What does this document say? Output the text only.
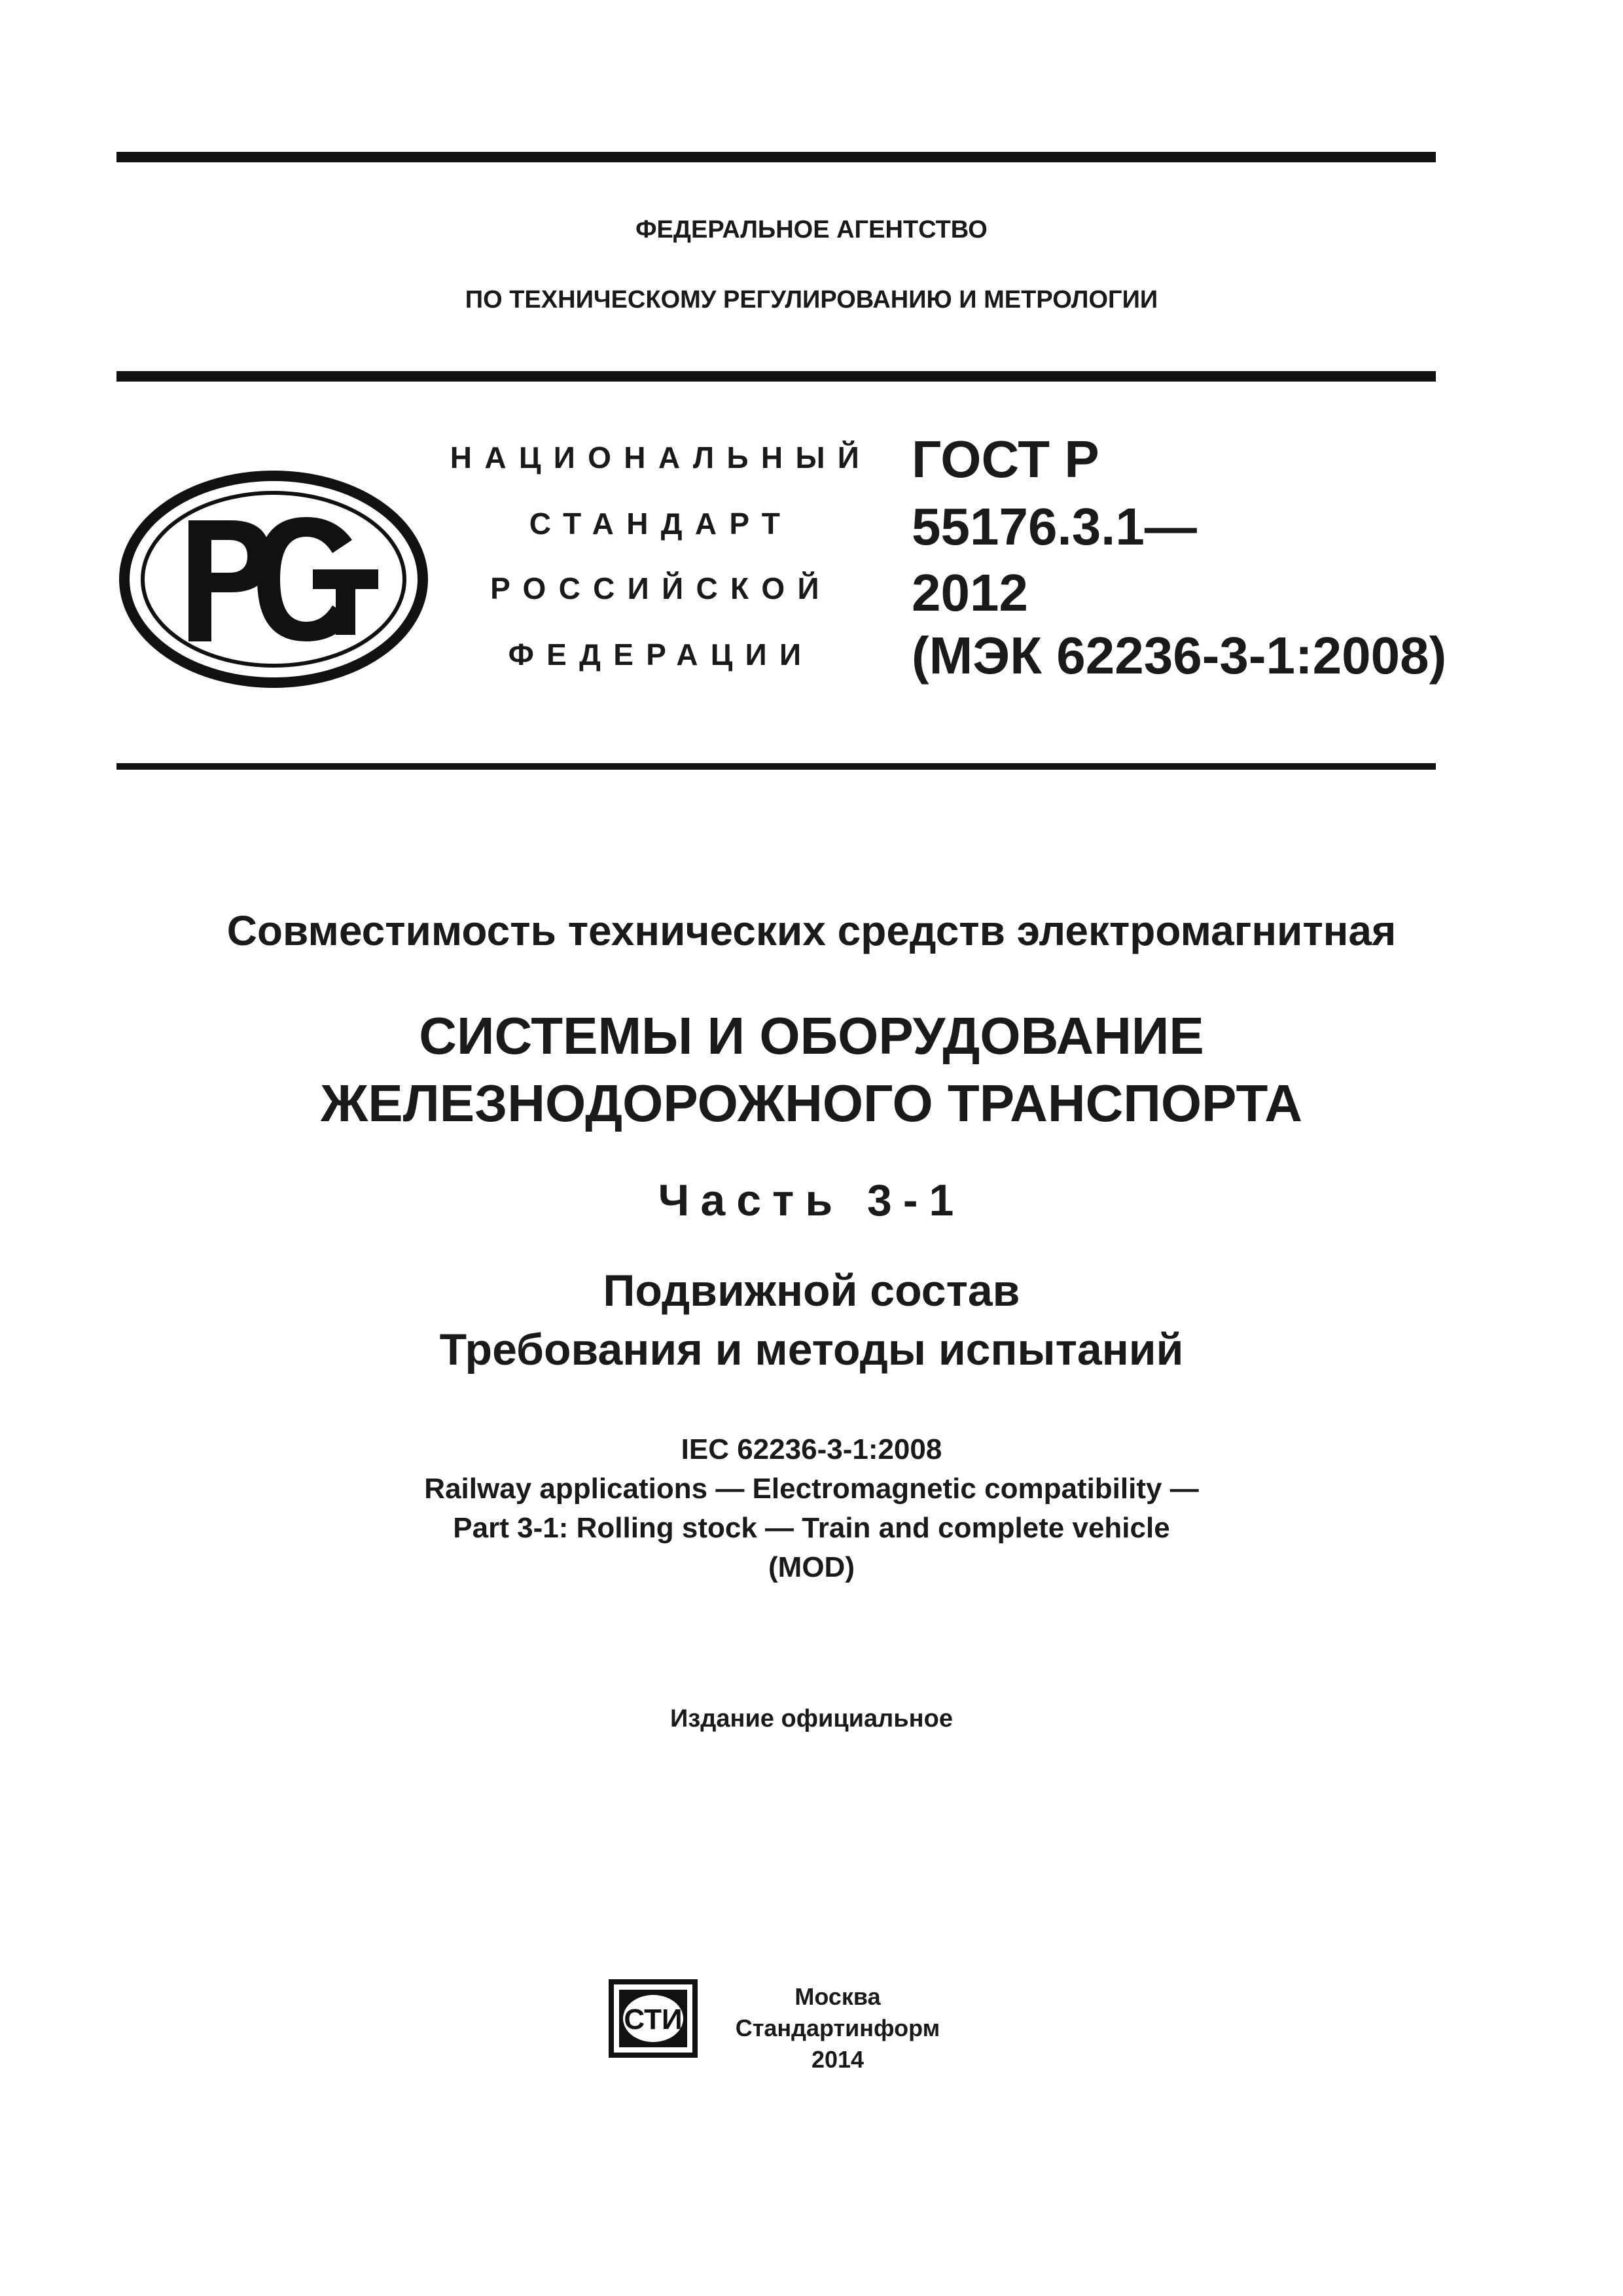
ФЕДЕРАЛЬНОЕ АГЕНТСТВО
ПО ТЕХНИЧЕСКОМУ РЕГУЛИРОВАНИЮ И МЕТРОЛОГИИ
НАЦИОНАЛЬНЫЙ
СТАНДАРТ
РОССИЙСКОЙ
ФЕДЕРАЦИИ
ГОСТ Р
55176.3.1—
2012
(МЭК 62236-3-1:2008)
Совместимость технических средств электромагнитная
СИСТЕМЫ И ОБОРУДОВАНИЕ
ЖЕЛЕЗНОДОРОЖНОГО ТРАНСПОРТА
Часть 3-1
Подвижной состав
Требования и методы испытаний
IEC 62236-3-1:2008
Railway applications — Electromagnetic compatibility —
Part 3-1: Rolling stock — Train and complete vehicle
(MOD)
Издание официальное
СТИ
Москва
Стандартинформ
2014
